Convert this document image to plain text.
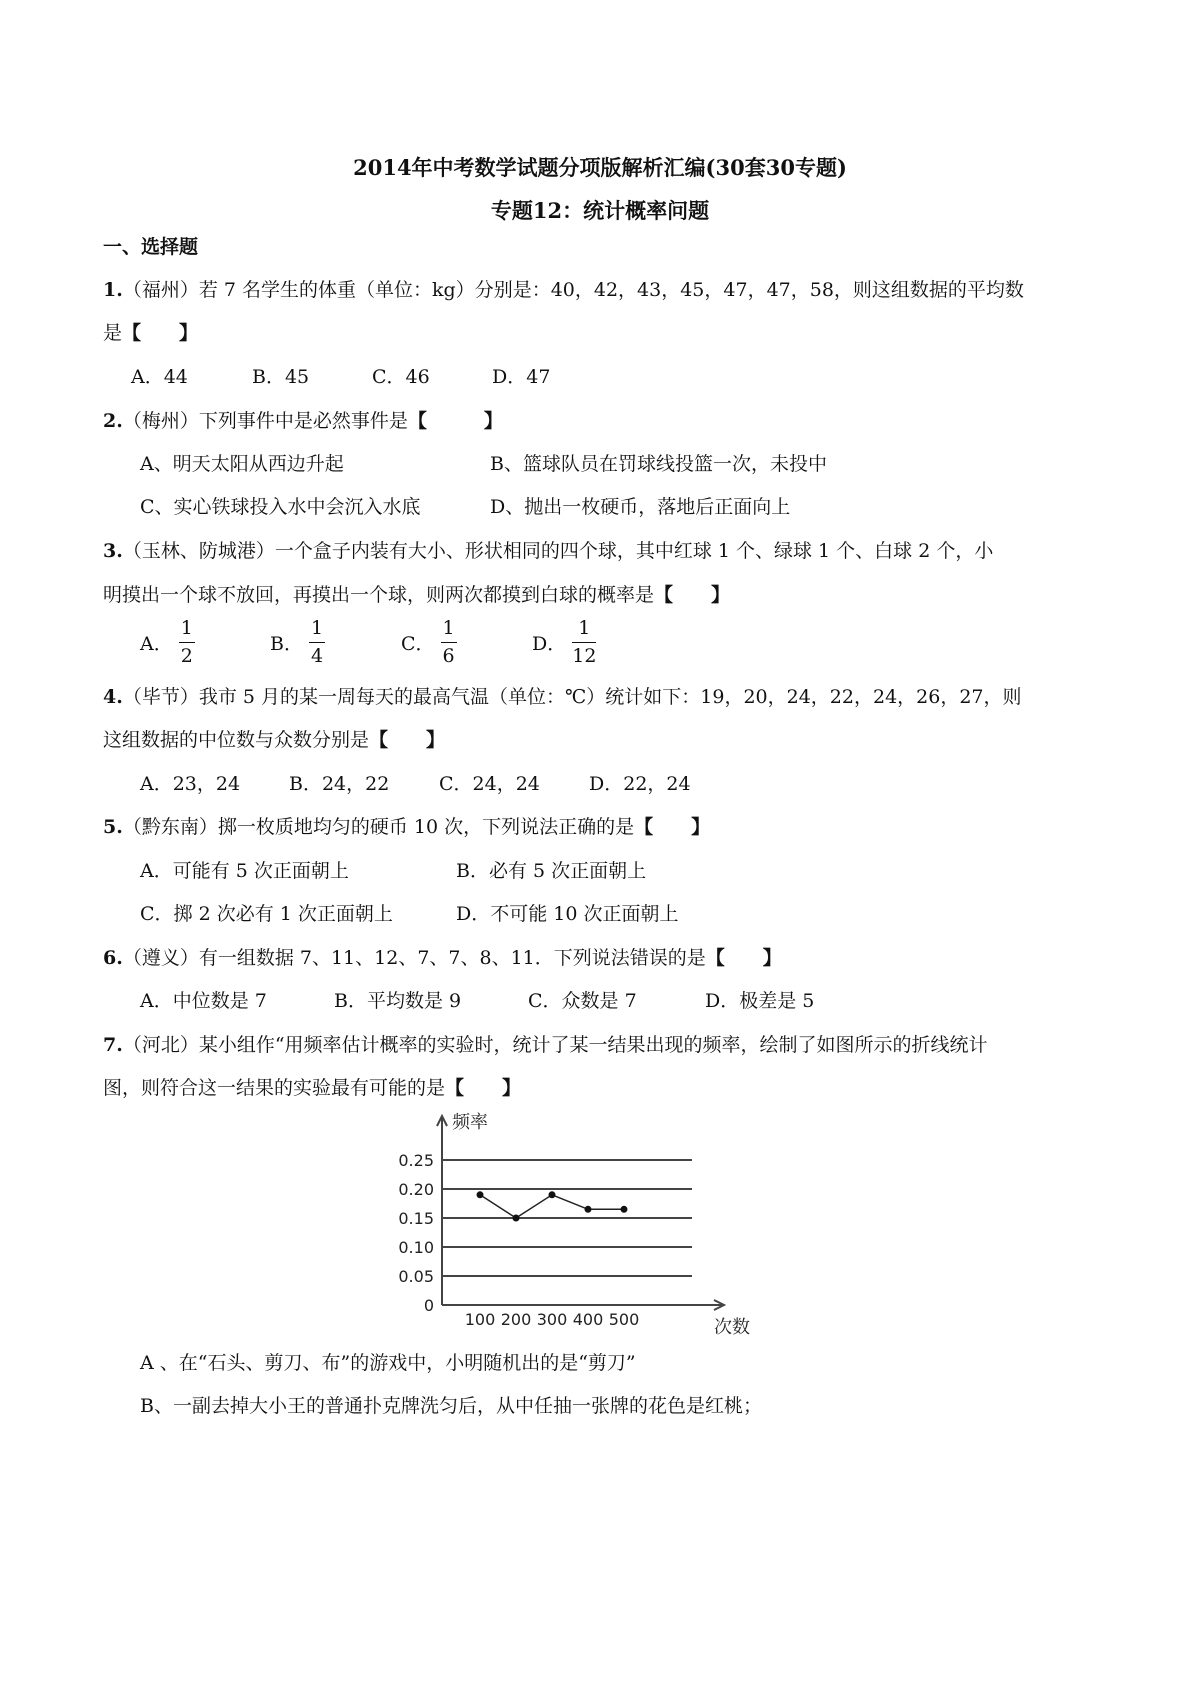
2014年中考数学试题分项版解析汇编(30套30专题)
专题12：统计概率问题
一、选择题
1.（福州）若 7 名学生的体重（单位：kg）分别是：40，42，43，45，47，47，58，则这组数据的平均数
是【　　】
A．44	B．45	C．46	D．47
2.（梅州）下列事件中是必然事件是【　　　】
A、明天太阳从西边升起	B、篮球队员在罚球线投篮一次，未投中
C、实心铁球投入水中会沉入水底	D、抛出一枚硬币，落地后正面向上
3.（玉林、防城港）一个盒子内装有大小、形状相同的四个球，其中红球 1 个、绿球 1 个、白球 2 个，小
明摸出一个球不放回，再摸出一个球，则两次都摸到白球的概率是【　　】
A． $\frac{1}{2}$	B． $\frac{1}{4}$	C． $\frac{1}{6}$	D． $\frac{1}{12}$
4.（毕节）我市 5 月的某一周每天的最高气温（单位：℃）统计如下：19，20，24，22，24，26，27，则
这组数据的中位数与众数分别是【　　】
A．23，24	B．24，22	C．24，24	D．22，24
5.（黔东南）掷一枚质地均匀的硬币 10 次，下列说法正确的是【　　】
A．可能有 5 次正面朝上	B．必有 5 次正面朝上
C．掷 2 次必有 1 次正面朝上	D．不可能 10 次正面朝上
6.（遵义）有一组数据 7、11、12、7、7、8、11．下列说法错误的是【　　】
A．中位数是 7	B．平均数是 9	C．众数是 7	D．极差是 5
7.（河北）某小组作“用频率估计概率的实验时，统计了某一结果出现的频率，绘制了如图所示的折线统计
图，则符合这一结果的实验最有可能的是【　　】
0
0.05
0.10
0.15
0.20
0.25
频率
次数
100 200 300 400 500
A 、在“石头、剪刀、布”的游戏中，小明随机出的是“剪刀”
B、一副去掉大小王的普通扑克牌洗匀后，从中任抽一张牌的花色是红桃；
